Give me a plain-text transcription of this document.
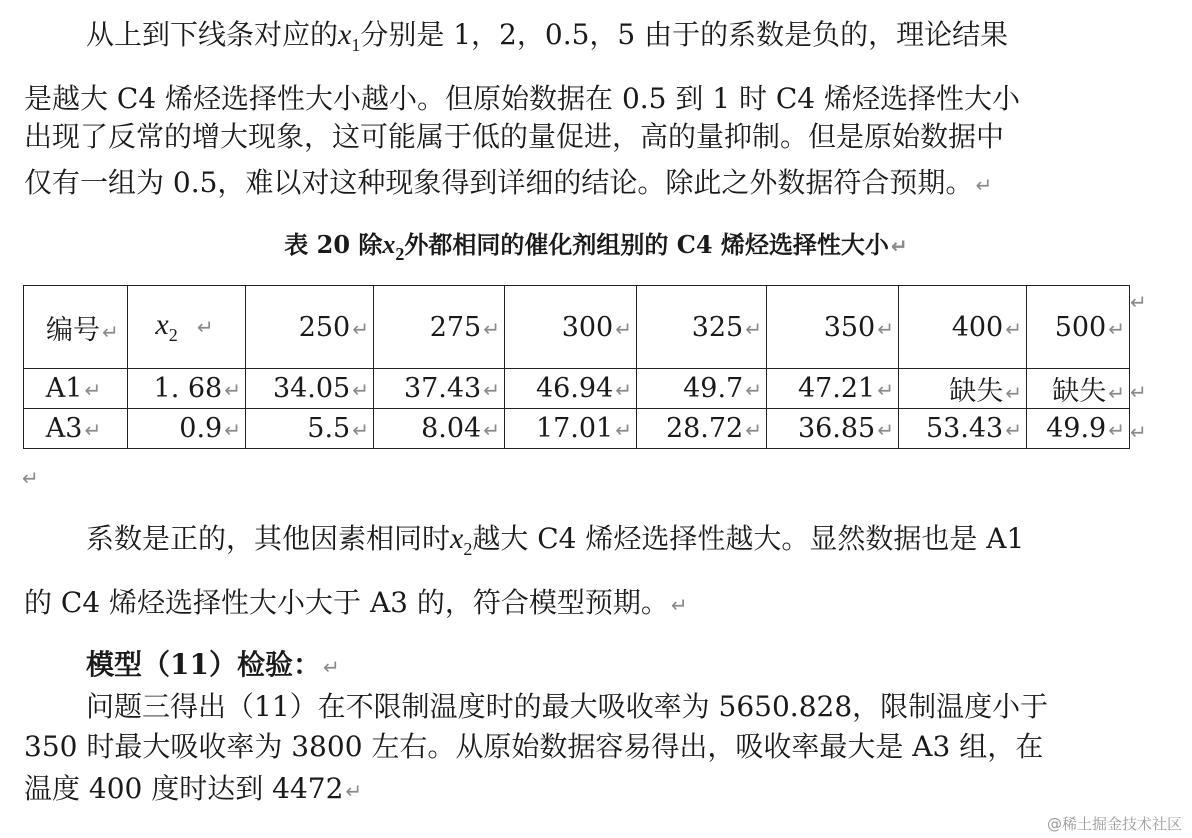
从上到下线条对应的$x_1$分别是 1，2，0.5，5 由于的系数是负的，理论结果
是越大 C4 烯烃选择性大小越小。但原始数据在 0.5 到 1 时 C4 烯烃选择性大小
出现了反常的增大现象，这可能属于低的量促进，高的量抑制。但是原始数据中
仅有一组为 0.5，难以对这种现象得到详细的结论。除此之外数据符合预期。 ↵
表 20 除$x_2$外都相同的催化剂组别的 C4 烯烃选择性大小 ↵
编号 ↵	$x_2$ ↵	250 ↵	275 ↵	300 ↵	325 ↵	350 ↵	400 ↵	500 ↵
A1 ↵	1. 68 ↵	34.05 ↵	37.43 ↵	46.94 ↵	49.7 ↵	47.21 ↵	缺失 ↵	缺失 ↵
A3 ↵	0.9 ↵	5.5 ↵	8.04 ↵	17.01 ↵	28.72 ↵	36.85 ↵	53.43 ↵	49.9 ↵
↵
↵
↵
↵
系数是正的，其他因素相同时$x_2$越大 C4 烯烃选择性越大。显然数据也是 A1
的 C4 烯烃选择性大小大于 A3 的，符合模型预期。 ↵
模型（11）检验： ↵
问题三得出（11）在不限制温度时的最大吸收率为 5650.828，限制温度小于
350 时最大吸收率为 3800 左右。从原始数据容易得出，吸收率最大是 A3 组，在
温度 400 度时达到 4472 ↵
@稀土掘金技术社区
